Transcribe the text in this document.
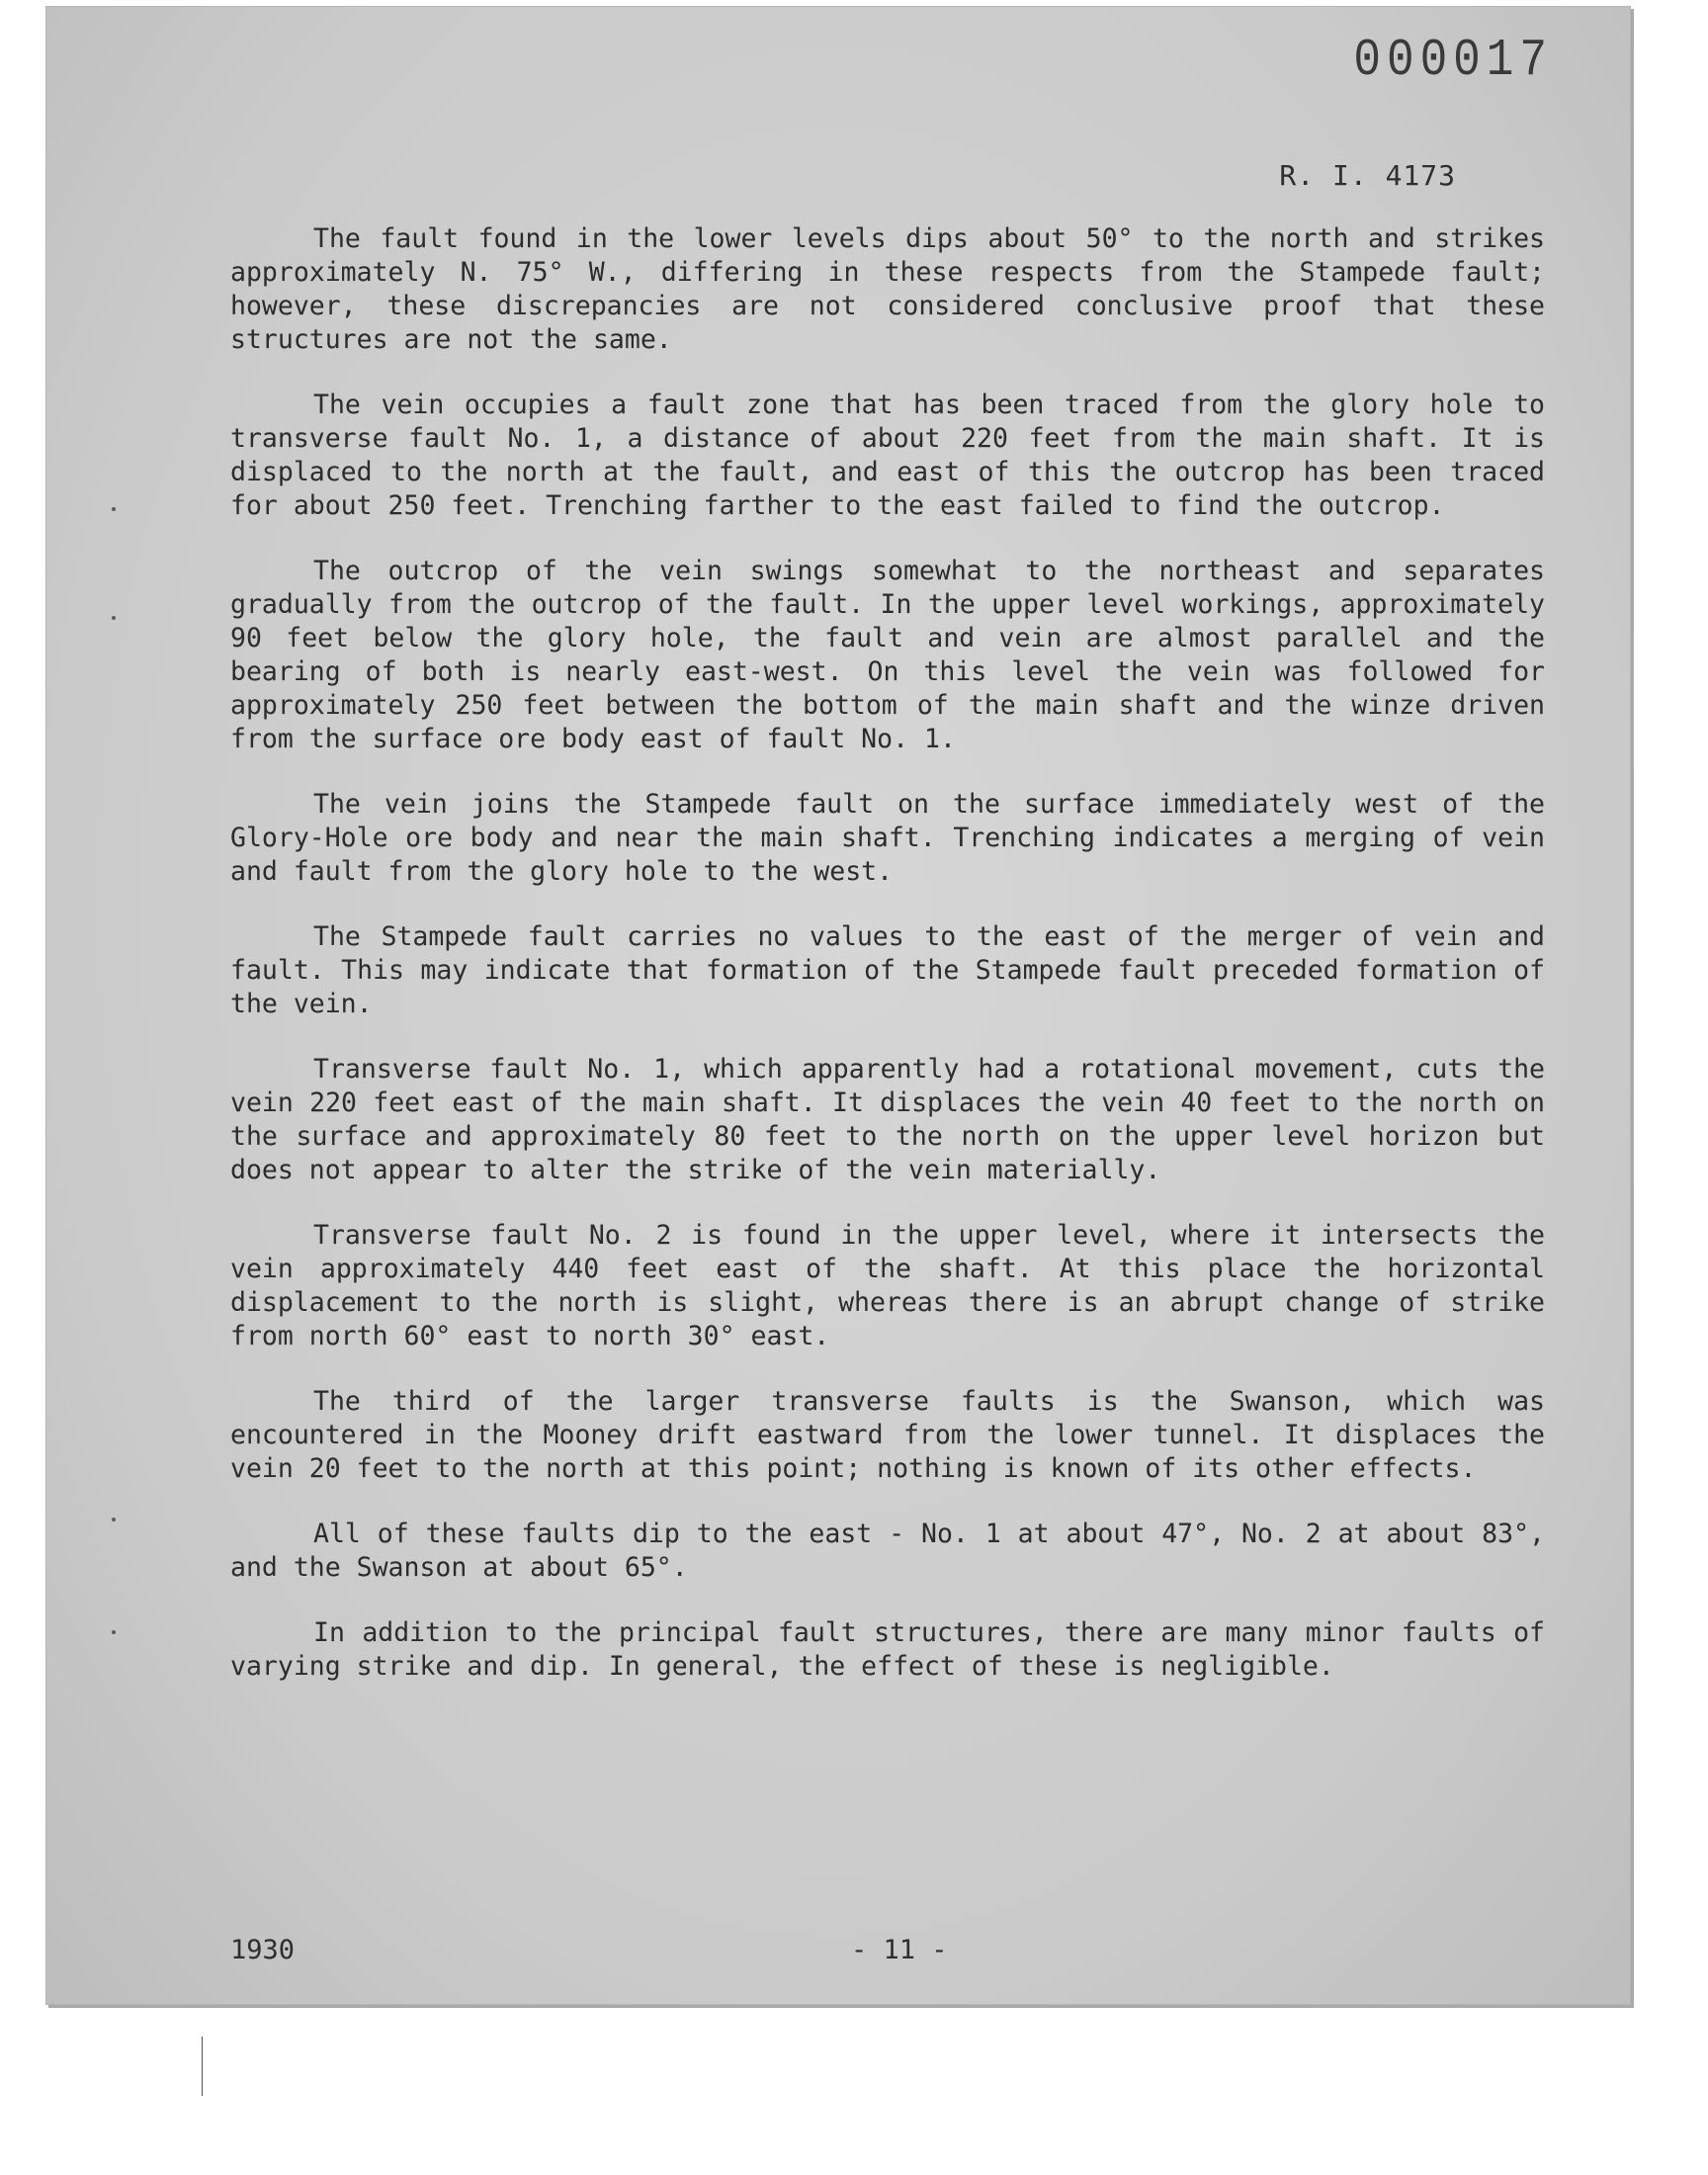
000017
R. I. 4173

The fault found in the lower levels dips about 50° to the north and strikes approximately N. 75° W., differing in these respects from the Stampede fault; however, these discrepancies are not considered conclusive proof that these structures are not the same.

The vein occupies a fault zone that has been traced from the glory hole to transverse fault No. 1, a distance of about 220 feet from the main shaft. It is displaced to the north at the fault, and east of this the outcrop has been traced for about 250 feet. Trenching farther to the east failed to find the outcrop.

The outcrop of the vein swings somewhat to the northeast and separates gradually from the outcrop of the fault. In the upper level workings, approximately 90 feet below the glory hole, the fault and vein are almost parallel and the bearing of both is nearly east-west. On this level the vein was followed for approximately 250 feet between the bottom of the main shaft and the winze driven from the surface ore body east of fault No. 1.

The vein joins the Stampede fault on the surface immediately west of the Glory-Hole ore body and near the main shaft. Trenching indicates a merging of vein and fault from the glory hole to the west.

The Stampede fault carries no values to the east of the merger of vein and fault. This may indicate that formation of the Stampede fault preceded formation of the vein.

Transverse fault No. 1, which apparently had a rotational movement, cuts the vein 220 feet east of the main shaft. It displaces the vein 40 feet to the north on the surface and approximately 80 feet to the north on the upper level horizon but does not appear to alter the strike of the vein materially.

Transverse fault No. 2 is found in the upper level, where it intersects the vein approximately 440 feet east of the shaft. At this place the horizontal displacement to the north is slight, whereas there is an abrupt change of strike from north 60° east to north 30° east.

The third of the larger transverse faults is the Swanson, which was encountered in the Mooney drift eastward from the lower tunnel. It displaces the vein 20 feet to the north at this point; nothing is known of its other effects.

All of these faults dip to the east - No. 1 at about 47°, No. 2 at about 83°, and the Swanson at about 65°.

In addition to the principal fault structures, there are many minor faults of varying strike and dip. In general, the effect of these is negligible.

1930	- 11 -
